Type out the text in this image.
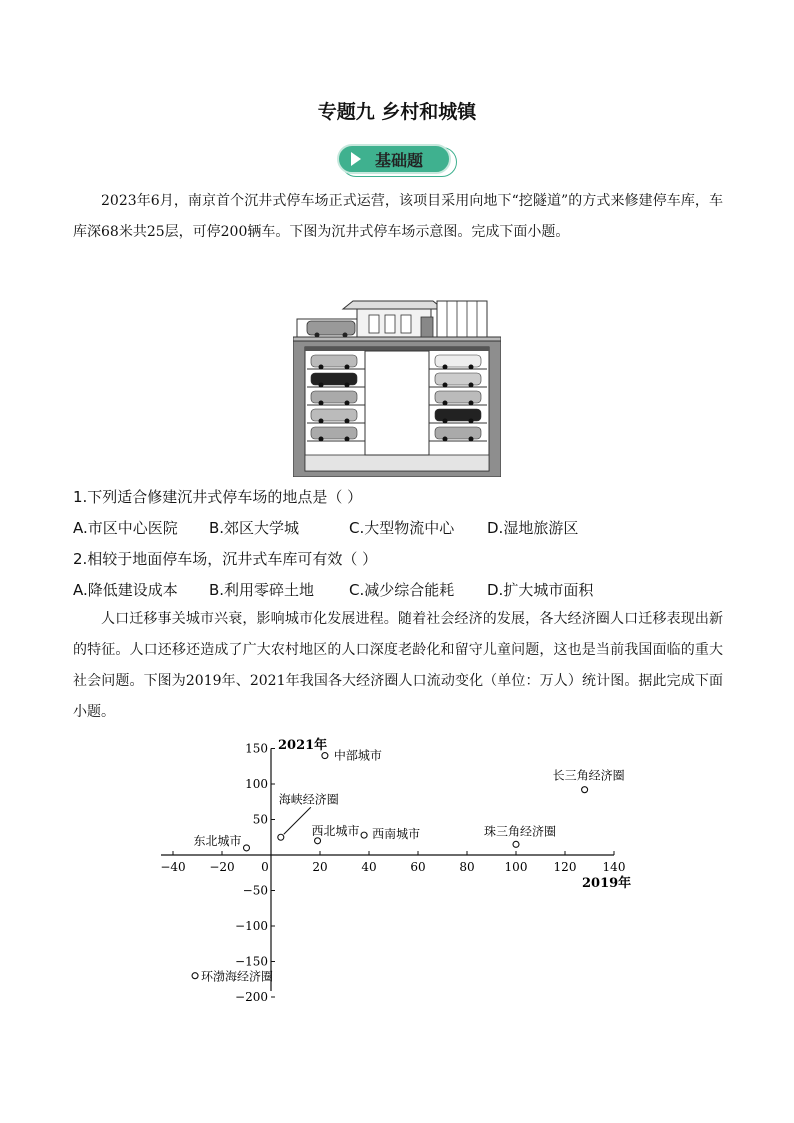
专题九 乡村和城镇
基础题

2023年6月，南京首个沉井式停车场正式运营，该项目采用向地下“挖隧道”的方式来修建停车库，车库深68米共25层，可停200辆车。下图为沉井式停车场示意图。完成下面小题。

1.下列适合修建沉井式停车场的地点是（ ）
A.市区中心医院 B.郊区大学城	C.大型物流中心 D.湿地旅游区
2.相较于地面停车场，沉井式车库可有效（ ）
A.降低建设成本 B.利用零碎土地 C.减少综合能耗 D.扩大城市面积

人口迁移事关城市兴衰，影响城市化发展进程。随着社会经济的发展，各大经济圈人口迁移表现出新的特征。人口还移还造成了广大农村地区的人口深度老龄化和留守儿童问题，这也是当前我国面临的重大社会问题。下图为2019年、2021年我国各大经济圈人口流动变化（单位：万人）统计图。据此完成下面小题。

−40 −20 0	20	40	60	80 100 120 140
150
100
50
−50
−100
−150
−200
中部城市
长三角经济圈
海峡经济圈
西北城市 西南城市
东北城市
珠三角经济圈
环渤海经济圈
2021年
2019年
